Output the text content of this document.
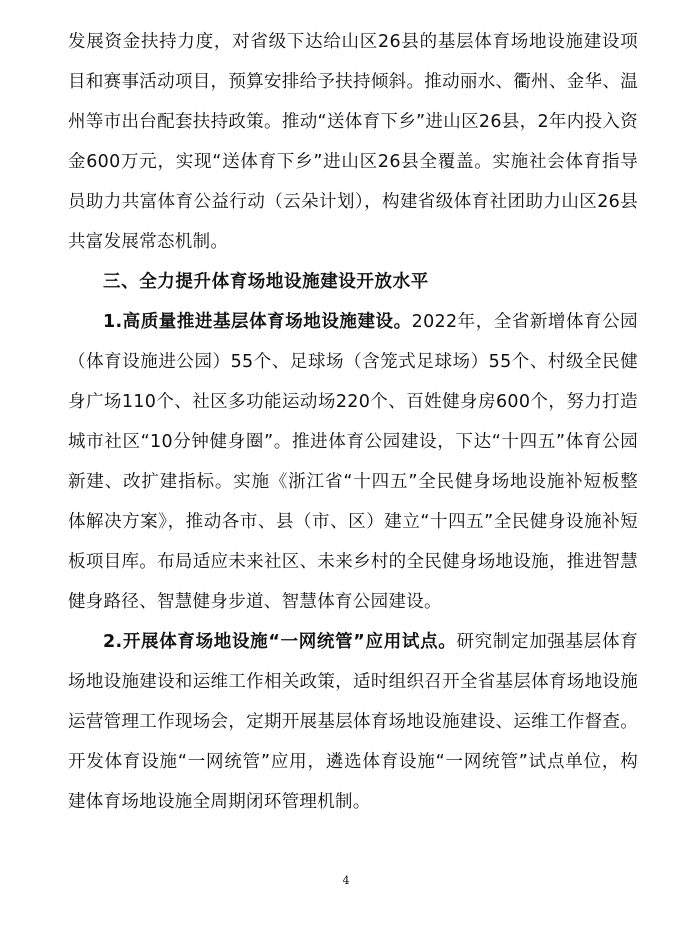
发展资金扶持力度，对省级下达给山区26县的基层体育场地设施建设项目和赛事活动项目，预算安排给予扶持倾斜。推动丽水、衢州、金华、温州等市出台配套扶持政策。推动“送体育下乡”进山区26县，2年内投入资金600万元，实现“送体育下乡”进山区26县全覆盖。实施社会体育指导员助力共富体育公益行动（云朵计划），构建省级体育社团助力山区26县共富发展常态机制。

三、全力提升体育场地设施建设开放水平

1.高质量推进基层体育场地设施建设。2022年，全省新增体育公园（体育设施进公园）55个、足球场（含笼式足球场）55个、村级全民健身广场110个、社区多功能运动场220个、百姓健身房600个，努力打造城市社区“10分钟健身圈”。推进体育公园建设，下达“十四五”体育公园新建、改扩建指标。实施《浙江省“十四五”全民健身场地设施补短板整体解决方案》，推动各市、县（市、区）建立“十四五”全民健身设施补短板项目库。布局适应未来社区、未来乡村的全民健身场地设施，推进智慧健身路径、智慧健身步道、智慧体育公园建设。

2.开展体育场地设施“一网统管”应用试点。研究制定加强基层体育场地设施建设和运维工作相关政策，适时组织召开全省基层体育场地设施运营管理工作现场会，定期开展基层体育场地设施建设、运维工作督查。开发体育设施“一网统管”应用，遴选体育设施“一网统管”试点单位，构建体育场地设施全周期闭环管理机制。

4
